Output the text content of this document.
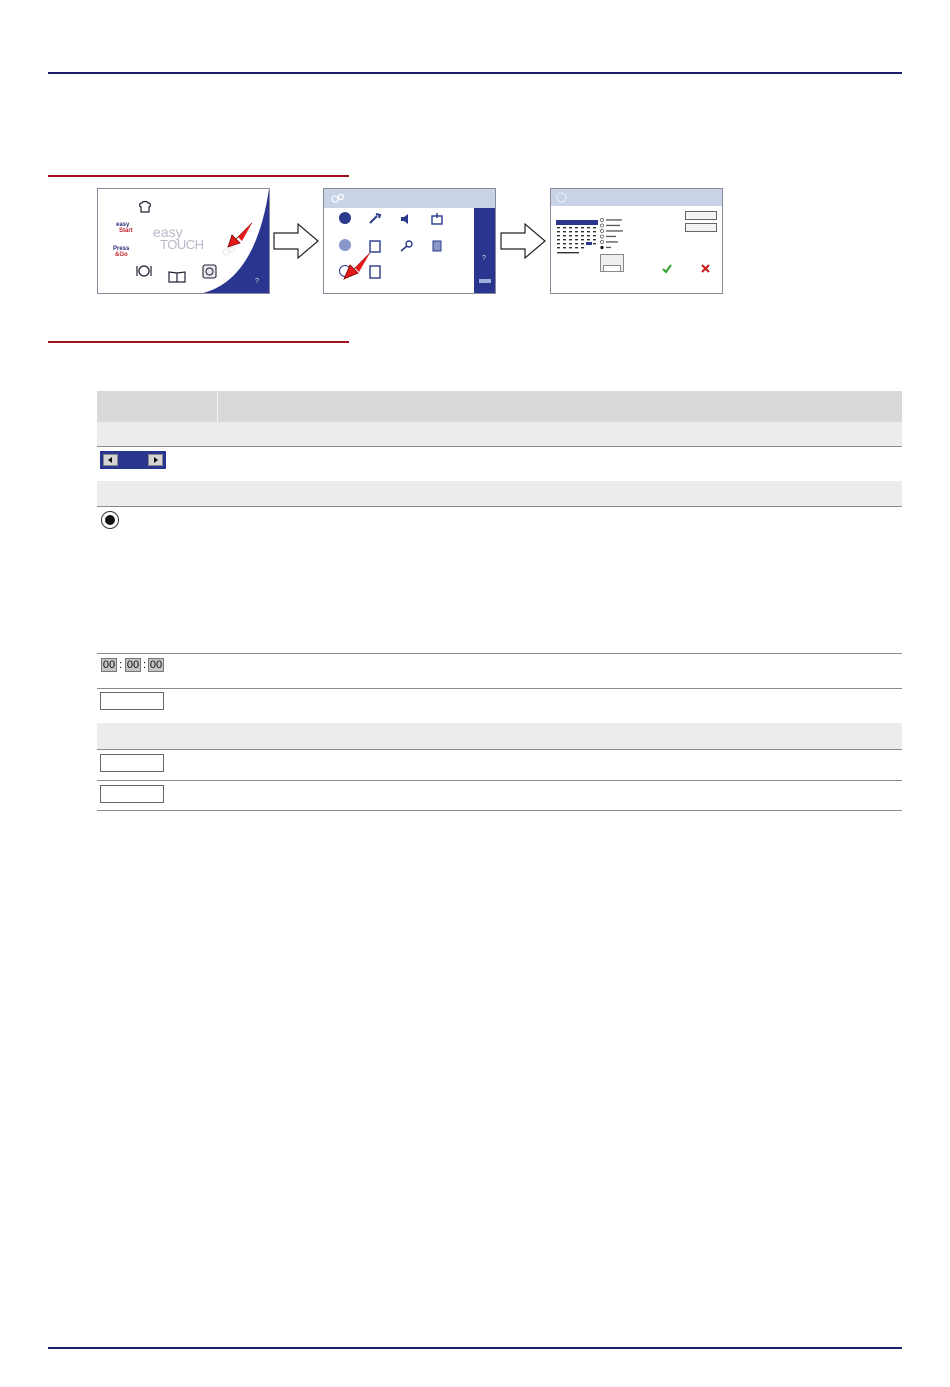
easy
Start
Press
&Go
easy
TOUCH
?
?
00 : 00 : 00
